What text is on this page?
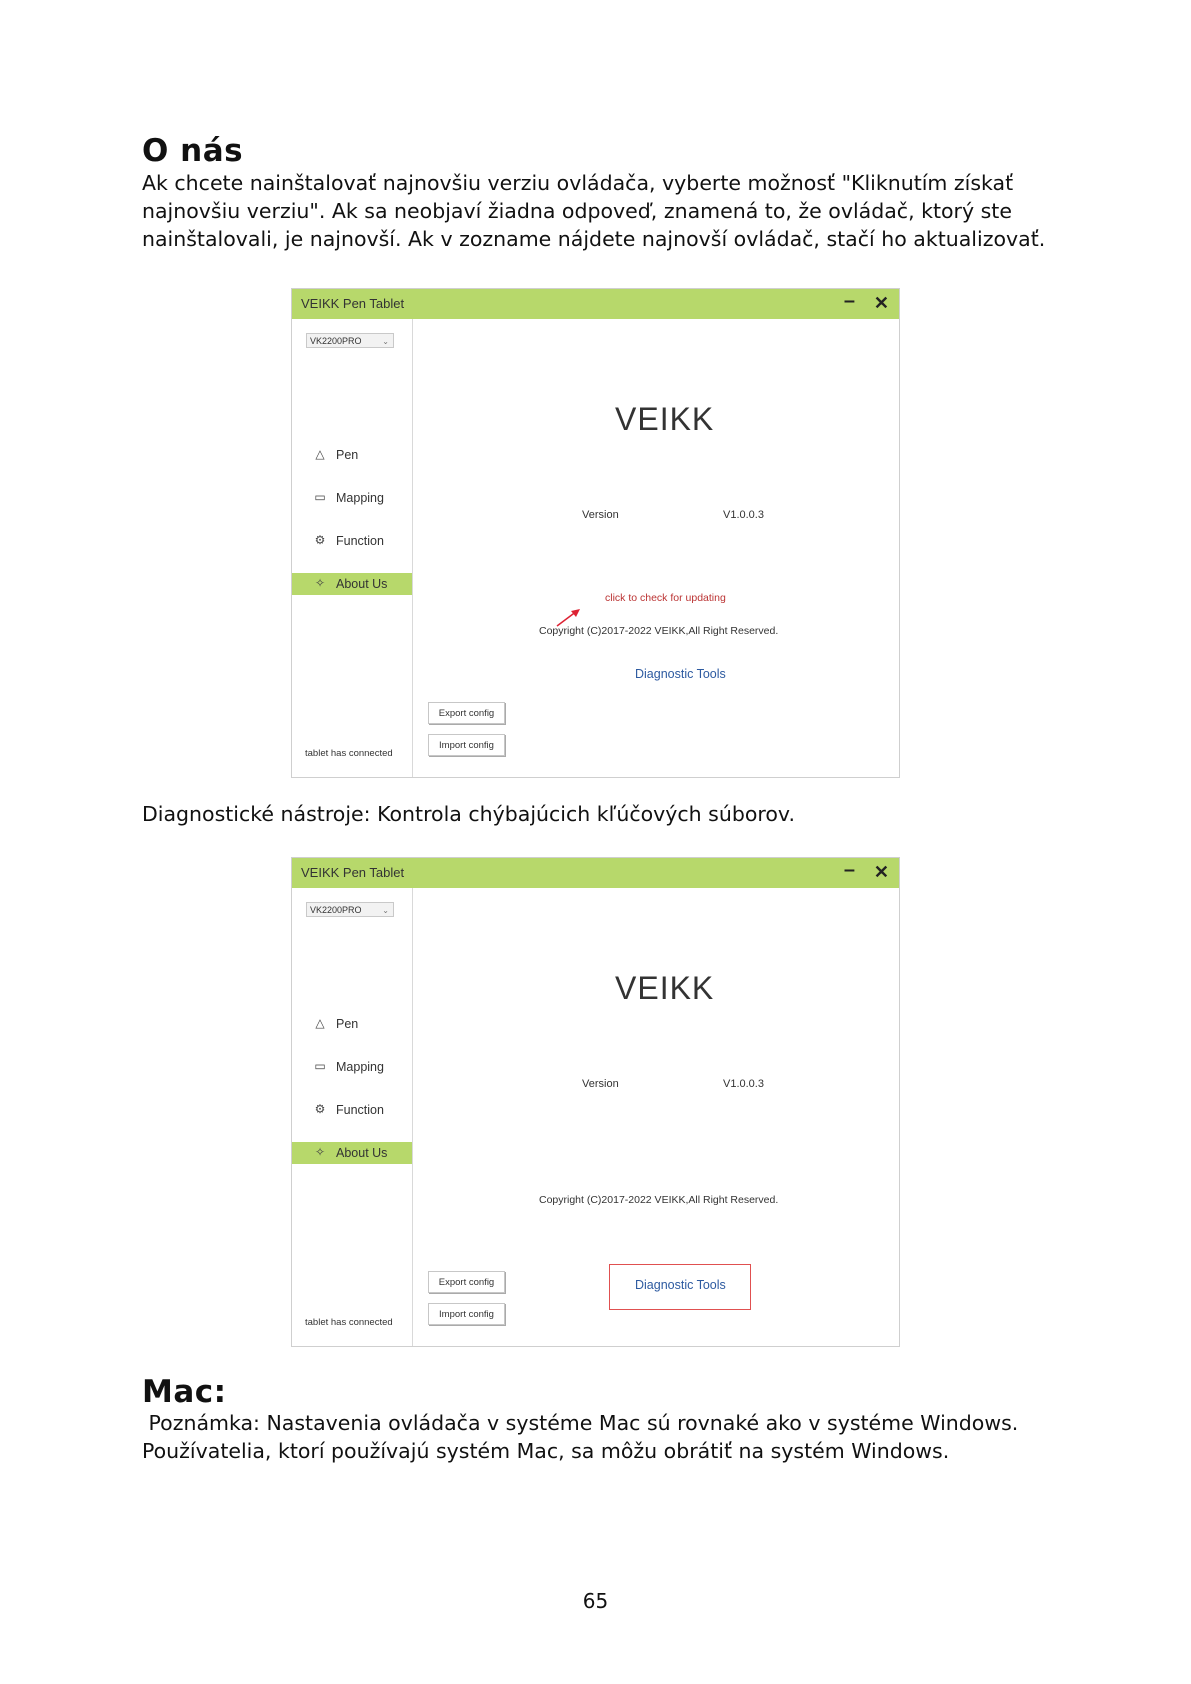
O nás

Ak chcete nainštalovať najnovšiu verziu ovládača, vyberte možnosť "Kliknutím získať

najnovšiu verziu". Ak sa neobjaví žiadna odpoveď, znamená to, že ovládač, ktorý ste

nainštalovali, je najnovší. Ak v zozname nájdete najnovší ovládač, stačí ho aktualizovať.

VEIKK Pen Tablet	– ✕
VK2200PRO	⌄
△ Pen
▭ Mapping
⚙ Function
✧ About Us
tablet has connected
VEIKK
Version	V1.0.0.3
click to check for updating
Copyright (C)2017-2022 VEIKK,All Right Reserved.
Diagnostic Tools
Export config
Import config

Diagnostické nástroje: Kontrola chýbajúcich kľúčových súborov.

VEIKK Pen Tablet	– ✕
VK2200PRO	⌄
△ Pen
▭ Mapping
⚙ Function
✧ About Us
tablet has connected
VEIKK
Version	V1.0.0.3
Copyright (C)2017-2022 VEIKK,All Right Reserved.
Diagnostic Tools
Export config
Import config
Mac:

Poznámka: Nastavenia ovládača v systéme Mac sú rovnaké ako v systéme Windows.

Používatelia, ktorí používajú systém Mac, sa môžu obrátiť na systém Windows.

65
